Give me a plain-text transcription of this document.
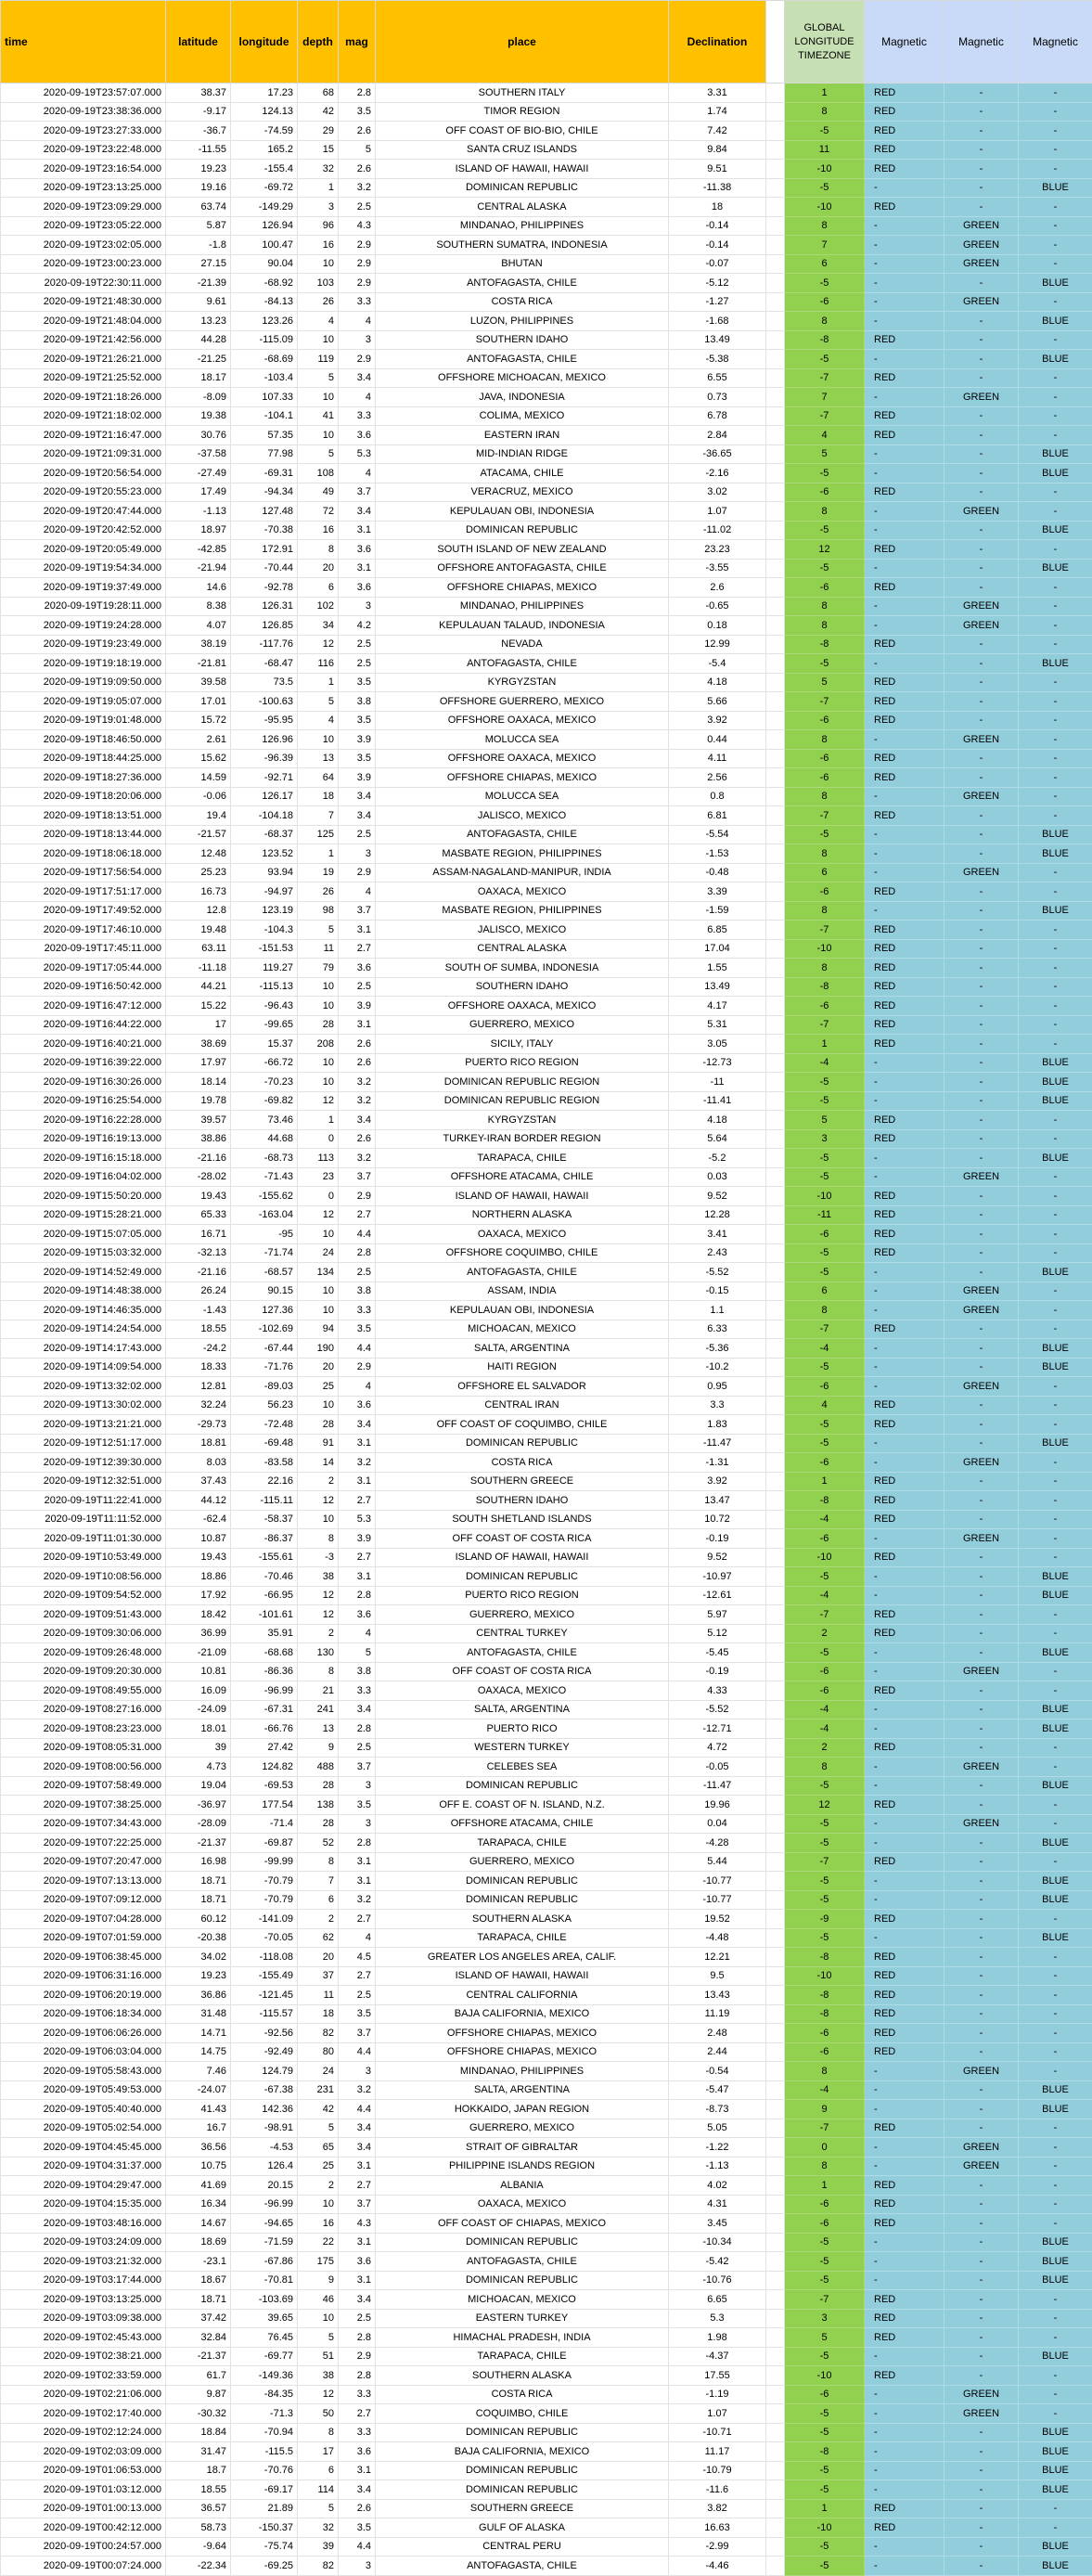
time	latitude	longitude	depth	mag	place	Declination		GLOBAL
LONGITUDE
TIMEZONE	Magnetic	Magnetic	Magnetic
2020-09-19T23:57:07.000	38.37	17.23	68	2.8	SOUTHERN ITALY	3.31		1	RED	-	-
2020-09-19T23:38:36.000	-9.17	124.13	42	3.5	TIMOR REGION	1.74		8	RED	-	-
2020-09-19T23:27:33.000	-36.7	-74.59	29	2.6	OFF COAST OF BIO-BIO, CHILE	7.42		-5	RED	-	-
2020-09-19T23:22:48.000	-11.55	165.2	15	5	SANTA CRUZ ISLANDS	9.84		11	RED	-	-
2020-09-19T23:16:54.000	19.23	-155.4	32	2.6	ISLAND OF HAWAII, HAWAII	9.51		-10	RED	-	-
2020-09-19T23:13:25.000	19.16	-69.72	1	3.2	DOMINICAN REPUBLIC	-11.38		-5	-	-	BLUE
2020-09-19T23:09:29.000	63.74	-149.29	3	2.5	CENTRAL ALASKA	18		-10	RED	-	-
2020-09-19T23:05:22.000	5.87	126.94	96	4.3	MINDANAO, PHILIPPINES	-0.14		8	-	GREEN	-
2020-09-19T23:02:05.000	-1.8	100.47	16	2.9	SOUTHERN SUMATRA, INDONESIA	-0.14		7	-	GREEN	-
2020-09-19T23:00:23.000	27.15	90.04	10	2.9	BHUTAN	-0.07		6	-	GREEN	-
2020-09-19T22:30:11.000	-21.39	-68.92	103	2.9	ANTOFAGASTA, CHILE	-5.12		-5	-	-	BLUE
2020-09-19T21:48:30.000	9.61	-84.13	26	3.3	COSTA RICA	-1.27		-6	-	GREEN	-
2020-09-19T21:48:04.000	13.23	123.26	4	4	LUZON, PHILIPPINES	-1.68		8	-	-	BLUE
2020-09-19T21:42:56.000	44.28	-115.09	10	3	SOUTHERN IDAHO	13.49		-8	RED	-	-
2020-09-19T21:26:21.000	-21.25	-68.69	119	2.9	ANTOFAGASTA, CHILE	-5.38		-5	-	-	BLUE
2020-09-19T21:25:52.000	18.17	-103.4	5	3.4	OFFSHORE MICHOACAN, MEXICO	6.55		-7	RED	-	-
2020-09-19T21:18:26.000	-8.09	107.33	10	4	JAVA, INDONESIA	0.73		7	-	GREEN	-
2020-09-19T21:18:02.000	19.38	-104.1	41	3.3	COLIMA, MEXICO	6.78		-7	RED	-	-
2020-09-19T21:16:47.000	30.76	57.35	10	3.6	EASTERN IRAN	2.84		4	RED	-	-
2020-09-19T21:09:31.000	-37.58	77.98	5	5.3	MID-INDIAN RIDGE	-36.65		5	-	-	BLUE
2020-09-19T20:56:54.000	-27.49	-69.31	108	4	ATACAMA, CHILE	-2.16		-5	-	-	BLUE
2020-09-19T20:55:23.000	17.49	-94.34	49	3.7	VERACRUZ, MEXICO	3.02		-6	RED	-	-
2020-09-19T20:47:44.000	-1.13	127.48	72	3.4	KEPULAUAN OBI, INDONESIA	1.07		8	-	GREEN	-
2020-09-19T20:42:52.000	18.97	-70.38	16	3.1	DOMINICAN REPUBLIC	-11.02		-5	-	-	BLUE
2020-09-19T20:05:49.000	-42.85	172.91	8	3.6	SOUTH ISLAND OF NEW ZEALAND	23.23		12	RED	-	-
2020-09-19T19:54:34.000	-21.94	-70.44	20	3.1	OFFSHORE ANTOFAGASTA, CHILE	-3.55		-5	-	-	BLUE
2020-09-19T19:37:49.000	14.6	-92.78	6	3.6	OFFSHORE CHIAPAS, MEXICO	2.6		-6	RED	-	-
2020-09-19T19:28:11.000	8.38	126.31	102	3	MINDANAO, PHILIPPINES	-0.65		8	-	GREEN	-
2020-09-19T19:24:28.000	4.07	126.85	34	4.2	KEPULAUAN TALAUD, INDONESIA	0.18		8	-	GREEN	-
2020-09-19T19:23:49.000	38.19	-117.76	12	2.5	NEVADA	12.99		-8	RED	-	-
2020-09-19T19:18:19.000	-21.81	-68.47	116	2.5	ANTOFAGASTA, CHILE	-5.4		-5	-	-	BLUE
2020-09-19T19:09:50.000	39.58	73.5	1	3.5	KYRGYZSTAN	4.18		5	RED	-	-
2020-09-19T19:05:07.000	17.01	-100.63	5	3.8	OFFSHORE GUERRERO, MEXICO	5.66		-7	RED	-	-
2020-09-19T19:01:48.000	15.72	-95.95	4	3.5	OFFSHORE OAXACA, MEXICO	3.92		-6	RED	-	-
2020-09-19T18:46:50.000	2.61	126.96	10	3.9	MOLUCCA SEA	0.44		8	-	GREEN	-
2020-09-19T18:44:25.000	15.62	-96.39	13	3.5	OFFSHORE OAXACA, MEXICO	4.11		-6	RED	-	-
2020-09-19T18:27:36.000	14.59	-92.71	64	3.9	OFFSHORE CHIAPAS, MEXICO	2.56		-6	RED	-	-
2020-09-19T18:20:06.000	-0.06	126.17	18	3.4	MOLUCCA SEA	0.8		8	-	GREEN	-
2020-09-19T18:13:51.000	19.4	-104.18	7	3.4	JALISCO, MEXICO	6.81		-7	RED	-	-
2020-09-19T18:13:44.000	-21.57	-68.37	125	2.5	ANTOFAGASTA, CHILE	-5.54		-5	-	-	BLUE
2020-09-19T18:06:18.000	12.48	123.52	1	3	MASBATE REGION, PHILIPPINES	-1.53		8	-	-	BLUE
2020-09-19T17:56:54.000	25.23	93.94	19	2.9	ASSAM-NAGALAND-MANIPUR, INDIA	-0.48		6	-	GREEN	-
2020-09-19T17:51:17.000	16.73	-94.97	26	4	OAXACA, MEXICO	3.39		-6	RED	-	-
2020-09-19T17:49:52.000	12.8	123.19	98	3.7	MASBATE REGION, PHILIPPINES	-1.59		8	-	-	BLUE
2020-09-19T17:46:10.000	19.48	-104.3	5	3.1	JALISCO, MEXICO	6.85		-7	RED	-	-
2020-09-19T17:45:11.000	63.11	-151.53	11	2.7	CENTRAL ALASKA	17.04		-10	RED	-	-
2020-09-19T17:05:44.000	-11.18	119.27	79	3.6	SOUTH OF SUMBA, INDONESIA	1.55		8	RED	-	-
2020-09-19T16:50:42.000	44.21	-115.13	10	2.5	SOUTHERN IDAHO	13.49		-8	RED	-	-
2020-09-19T16:47:12.000	15.22	-96.43	10	3.9	OFFSHORE OAXACA, MEXICO	4.17		-6	RED	-	-
2020-09-19T16:44:22.000	17	-99.65	28	3.1	GUERRERO, MEXICO	5.31		-7	RED	-	-
2020-09-19T16:40:21.000	38.69	15.37	208	2.6	SICILY, ITALY	3.05		1	RED	-	-
2020-09-19T16:39:22.000	17.97	-66.72	10	2.6	PUERTO RICO REGION	-12.73		-4	-	-	BLUE
2020-09-19T16:30:26.000	18.14	-70.23	10	3.2	DOMINICAN REPUBLIC REGION	-11		-5	-	-	BLUE
2020-09-19T16:25:54.000	19.78	-69.82	12	3.2	DOMINICAN REPUBLIC REGION	-11.41		-5	-	-	BLUE
2020-09-19T16:22:28.000	39.57	73.46	1	3.4	KYRGYZSTAN	4.18		5	RED	-	-
2020-09-19T16:19:13.000	38.86	44.68	0	2.6	TURKEY-IRAN BORDER REGION	5.64		3	RED	-	-
2020-09-19T16:15:18.000	-21.16	-68.73	113	3.2	TARAPACA, CHILE	-5.2		-5	-	-	BLUE
2020-09-19T16:04:02.000	-28.02	-71.43	23	3.7	OFFSHORE ATACAMA, CHILE	0.03		-5	-	GREEN	-
2020-09-19T15:50:20.000	19.43	-155.62	0	2.9	ISLAND OF HAWAII, HAWAII	9.52		-10	RED	-	-
2020-09-19T15:28:21.000	65.33	-163.04	12	2.7	NORTHERN ALASKA	12.28		-11	RED	-	-
2020-09-19T15:07:05.000	16.71	-95	10	4.4	OAXACA, MEXICO	3.41		-6	RED	-	-
2020-09-19T15:03:32.000	-32.13	-71.74	24	2.8	OFFSHORE COQUIMBO, CHILE	2.43		-5	RED	-	-
2020-09-19T14:52:49.000	-21.16	-68.57	134	2.5	ANTOFAGASTA, CHILE	-5.52		-5	-	-	BLUE
2020-09-19T14:48:38.000	26.24	90.15	10	3.8	ASSAM, INDIA	-0.15		6	-	GREEN	-
2020-09-19T14:46:35.000	-1.43	127.36	10	3.3	KEPULAUAN OBI, INDONESIA	1.1		8	-	GREEN	-
2020-09-19T14:24:54.000	18.55	-102.69	94	3.5	MICHOACAN, MEXICO	6.33		-7	RED	-	-
2020-09-19T14:17:43.000	-24.2	-67.44	190	4.4	SALTA, ARGENTINA	-5.36		-4	-	-	BLUE
2020-09-19T14:09:54.000	18.33	-71.76	20	2.9	HAITI REGION	-10.2		-5	-	-	BLUE
2020-09-19T13:32:02.000	12.81	-89.03	25	4	OFFSHORE EL SALVADOR	0.95		-6	-	GREEN	-
2020-09-19T13:30:02.000	32.24	56.23	10	3.6	CENTRAL IRAN	3.3		4	RED	-	-
2020-09-19T13:21:21.000	-29.73	-72.48	28	3.4	OFF COAST OF COQUIMBO, CHILE	1.83		-5	RED	-	-
2020-09-19T12:51:17.000	18.81	-69.48	91	3.1	DOMINICAN REPUBLIC	-11.47		-5	-	-	BLUE
2020-09-19T12:39:30.000	8.03	-83.58	14	3.2	COSTA RICA	-1.31		-6	-	GREEN	-
2020-09-19T12:32:51.000	37.43	22.16	2	3.1	SOUTHERN GREECE	3.92		1	RED	-	-
2020-09-19T11:22:41.000	44.12	-115.11	12	2.7	SOUTHERN IDAHO	13.47		-8	RED	-	-
2020-09-19T11:11:52.000	-62.4	-58.37	10	5.3	SOUTH SHETLAND ISLANDS	10.72		-4	RED	-	-
2020-09-19T11:01:30.000	10.87	-86.37	8	3.9	OFF COAST OF COSTA RICA	-0.19		-6	-	GREEN	-
2020-09-19T10:53:49.000	19.43	-155.61	-3	2.7	ISLAND OF HAWAII, HAWAII	9.52		-10	RED	-	-
2020-09-19T10:08:56.000	18.86	-70.46	38	3.1	DOMINICAN REPUBLIC	-10.97		-5	-	-	BLUE
2020-09-19T09:54:52.000	17.92	-66.95	12	2.8	PUERTO RICO REGION	-12.61		-4	-	-	BLUE
2020-09-19T09:51:43.000	18.42	-101.61	12	3.6	GUERRERO, MEXICO	5.97		-7	RED	-	-
2020-09-19T09:30:06.000	36.99	35.91	2	4	CENTRAL TURKEY	5.12		2	RED	-	-
2020-09-19T09:26:48.000	-21.09	-68.68	130	5	ANTOFAGASTA, CHILE	-5.45		-5	-	-	BLUE
2020-09-19T09:20:30.000	10.81	-86.36	8	3.8	OFF COAST OF COSTA RICA	-0.19		-6	-	GREEN	-
2020-09-19T08:49:55.000	16.09	-96.99	21	3.3	OAXACA, MEXICO	4.33		-6	RED	-	-
2020-09-19T08:27:16.000	-24.09	-67.31	241	3.4	SALTA, ARGENTINA	-5.52		-4	-	-	BLUE
2020-09-19T08:23:23.000	18.01	-66.76	13	2.8	PUERTO RICO	-12.71		-4	-	-	BLUE
2020-09-19T08:05:31.000	39	27.42	9	2.5	WESTERN TURKEY	4.72		2	RED	-	-
2020-09-19T08:00:56.000	4.73	124.82	488	3.7	CELEBES SEA	-0.05		8	-	GREEN	-
2020-09-19T07:58:49.000	19.04	-69.53	28	3	DOMINICAN REPUBLIC	-11.47		-5	-	-	BLUE
2020-09-19T07:38:25.000	-36.97	177.54	138	3.5	OFF E. COAST OF N. ISLAND, N.Z.	19.96		12	RED	-	-
2020-09-19T07:34:43.000	-28.09	-71.4	28	3	OFFSHORE ATACAMA, CHILE	0.04		-5	-	GREEN	-
2020-09-19T07:22:25.000	-21.37	-69.87	52	2.8	TARAPACA, CHILE	-4.28		-5	-	-	BLUE
2020-09-19T07:20:47.000	16.98	-99.99	8	3.1	GUERRERO, MEXICO	5.44		-7	RED	-	-
2020-09-19T07:13:13.000	18.71	-70.79	7	3.1	DOMINICAN REPUBLIC	-10.77		-5	-	-	BLUE
2020-09-19T07:09:12.000	18.71	-70.79	6	3.2	DOMINICAN REPUBLIC	-10.77		-5	-	-	BLUE
2020-09-19T07:04:28.000	60.12	-141.09	2	2.7	SOUTHERN ALASKA	19.52		-9	RED	-	-
2020-09-19T07:01:59.000	-20.38	-70.05	62	4	TARAPACA, CHILE	-4.48		-5	-	-	BLUE
2020-09-19T06:38:45.000	34.02	-118.08	20	4.5	GREATER LOS ANGELES AREA, CALIF.	12.21		-8	RED	-	-
2020-09-19T06:31:16.000	19.23	-155.49	37	2.7	ISLAND OF HAWAII, HAWAII	9.5		-10	RED	-	-
2020-09-19T06:20:19.000	36.86	-121.45	11	2.5	CENTRAL CALIFORNIA	13.43		-8	RED	-	-
2020-09-19T06:18:34.000	31.48	-115.57	18	3.5	BAJA CALIFORNIA, MEXICO	11.19		-8	RED	-	-
2020-09-19T06:06:26.000	14.71	-92.56	82	3.7	OFFSHORE CHIAPAS, MEXICO	2.48		-6	RED	-	-
2020-09-19T06:03:04.000	14.75	-92.49	80	4.4	OFFSHORE CHIAPAS, MEXICO	2.44		-6	RED	-	-
2020-09-19T05:58:43.000	7.46	124.79	24	3	MINDANAO, PHILIPPINES	-0.54		8	-	GREEN	-
2020-09-19T05:49:53.000	-24.07	-67.38	231	3.2	SALTA, ARGENTINA	-5.47		-4	-	-	BLUE
2020-09-19T05:40:40.000	41.43	142.36	42	4.4	HOKKAIDO, JAPAN REGION	-8.73		9	-	-	BLUE
2020-09-19T05:02:54.000	16.7	-98.91	5	3.4	GUERRERO, MEXICO	5.05		-7	RED	-	-
2020-09-19T04:45:45.000	36.56	-4.53	65	3.4	STRAIT OF GIBRALTAR	-1.22		0	-	GREEN	-
2020-09-19T04:31:37.000	10.75	126.4	25	3.1	PHILIPPINE ISLANDS REGION	-1.13		8	-	GREEN	-
2020-09-19T04:29:47.000	41.69	20.15	2	2.7	ALBANIA	4.02		1	RED	-	-
2020-09-19T04:15:35.000	16.34	-96.99	10	3.7	OAXACA, MEXICO	4.31		-6	RED	-	-
2020-09-19T03:48:16.000	14.67	-94.65	16	4.3	OFF COAST OF CHIAPAS, MEXICO	3.45		-6	RED	-	-
2020-09-19T03:24:09.000	18.69	-71.59	22	3.1	DOMINICAN REPUBLIC	-10.34		-5	-	-	BLUE
2020-09-19T03:21:32.000	-23.1	-67.86	175	3.6	ANTOFAGASTA, CHILE	-5.42		-5	-	-	BLUE
2020-09-19T03:17:44.000	18.67	-70.81	9	3.1	DOMINICAN REPUBLIC	-10.76		-5	-	-	BLUE
2020-09-19T03:13:25.000	18.71	-103.69	46	3.4	MICHOACAN, MEXICO	6.65		-7	RED	-	-
2020-09-19T03:09:38.000	37.42	39.65	10	2.5	EASTERN TURKEY	5.3		3	RED	-	-
2020-09-19T02:45:43.000	32.84	76.45	5	2.8	HIMACHAL PRADESH, INDIA	1.98		5	RED	-	-
2020-09-19T02:38:21.000	-21.37	-69.77	51	2.9	TARAPACA, CHILE	-4.37		-5	-	-	BLUE
2020-09-19T02:33:59.000	61.7	-149.36	38	2.8	SOUTHERN ALASKA	17.55		-10	RED	-	-
2020-09-19T02:21:06.000	9.87	-84.35	12	3.3	COSTA RICA	-1.19		-6	-	GREEN	-
2020-09-19T02:17:40.000	-30.32	-71.3	50	2.7	COQUIMBO, CHILE	1.07		-5	-	GREEN	-
2020-09-19T02:12:24.000	18.84	-70.94	8	3.3	DOMINICAN REPUBLIC	-10.71		-5	-	-	BLUE
2020-09-19T02:03:09.000	31.47	-115.5	17	3.6	BAJA CALIFORNIA, MEXICO	11.17		-8	-	-	BLUE
2020-09-19T01:06:53.000	18.7	-70.76	6	3.1	DOMINICAN REPUBLIC	-10.79		-5	-	-	BLUE
2020-09-19T01:03:12.000	18.55	-69.17	114	3.4	DOMINICAN REPUBLIC	-11.6		-5	-	-	BLUE
2020-09-19T01:00:13.000	36.57	21.89	5	2.6	SOUTHERN GREECE	3.82		1	RED	-	-
2020-09-19T00:42:12.000	58.73	-150.37	32	3.5	GULF OF ALASKA	16.63		-10	RED	-	-
2020-09-19T00:24:57.000	-9.64	-75.74	39	4.4	CENTRAL PERU	-2.99		-5	-	-	BLUE
2020-09-19T00:07:24.000	-22.34	-69.25	82	3	ANTOFAGASTA, CHILE	-4.46		-5	-	-	BLUE
